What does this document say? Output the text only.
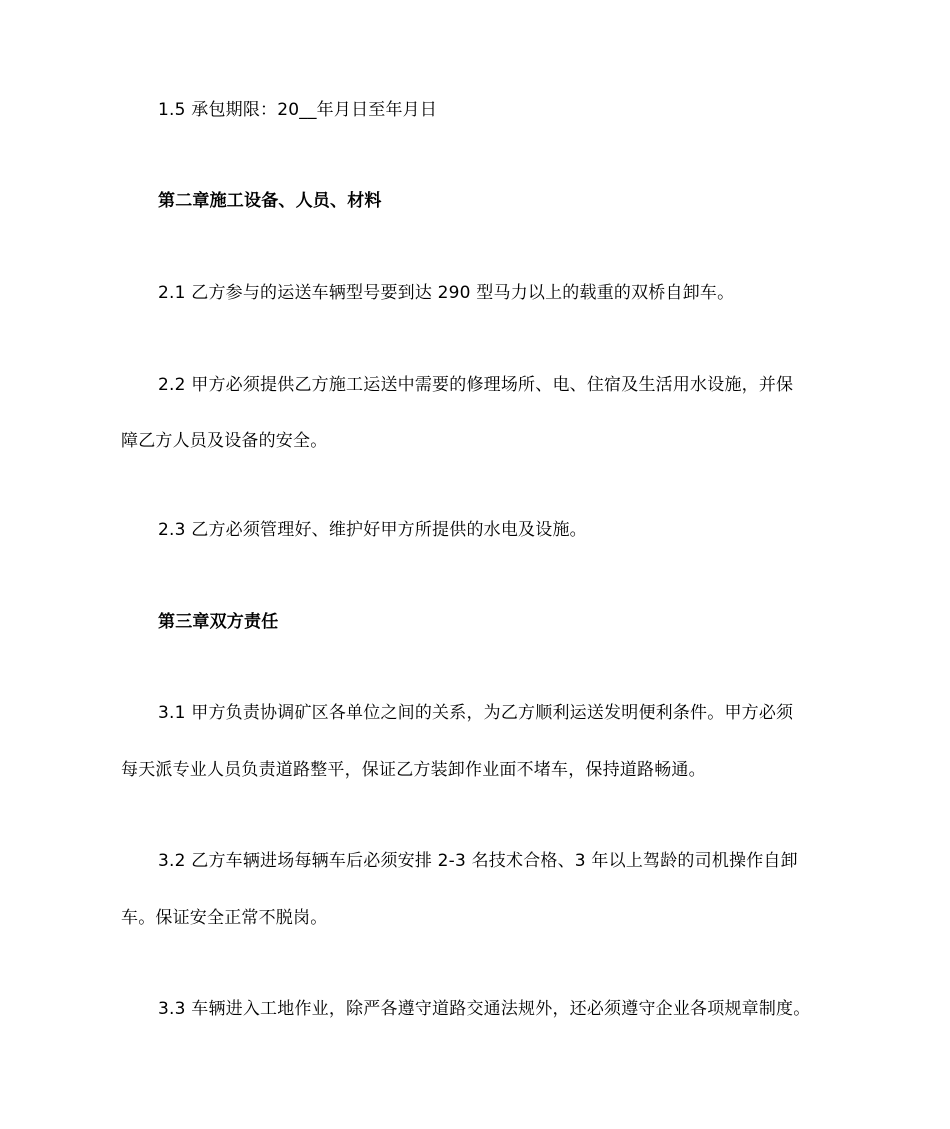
1.5 承包期限：20__年月日至年月日
第二章施工设备、人员、材料
2.1 乙方参与的运送车辆型号要到达 290 型马力以上的载重的双桥自卸车。
2.2 甲方必须提供乙方施工运送中需要的修理场所、电、住宿及生活用水设施，并保
障乙方人员及设备的安全。
2.3 乙方必须管理好、维护好甲方所提供的水电及设施。
第三章双方责任
3.1 甲方负责协调矿区各单位之间的关系，为乙方顺利运送发明便利条件。甲方必须
每天派专业人员负责道路整平，保证乙方装卸作业面不堵车，保持道路畅通。
3.2 乙方车辆进场每辆车后必须安排 2-3 名技术合格、3 年以上驾龄的司机操作自卸
车。保证安全正常不脱岗。
3.3 车辆进入工地作业，除严各遵守道路交通法规外，还必须遵守企业各项规章制度。
